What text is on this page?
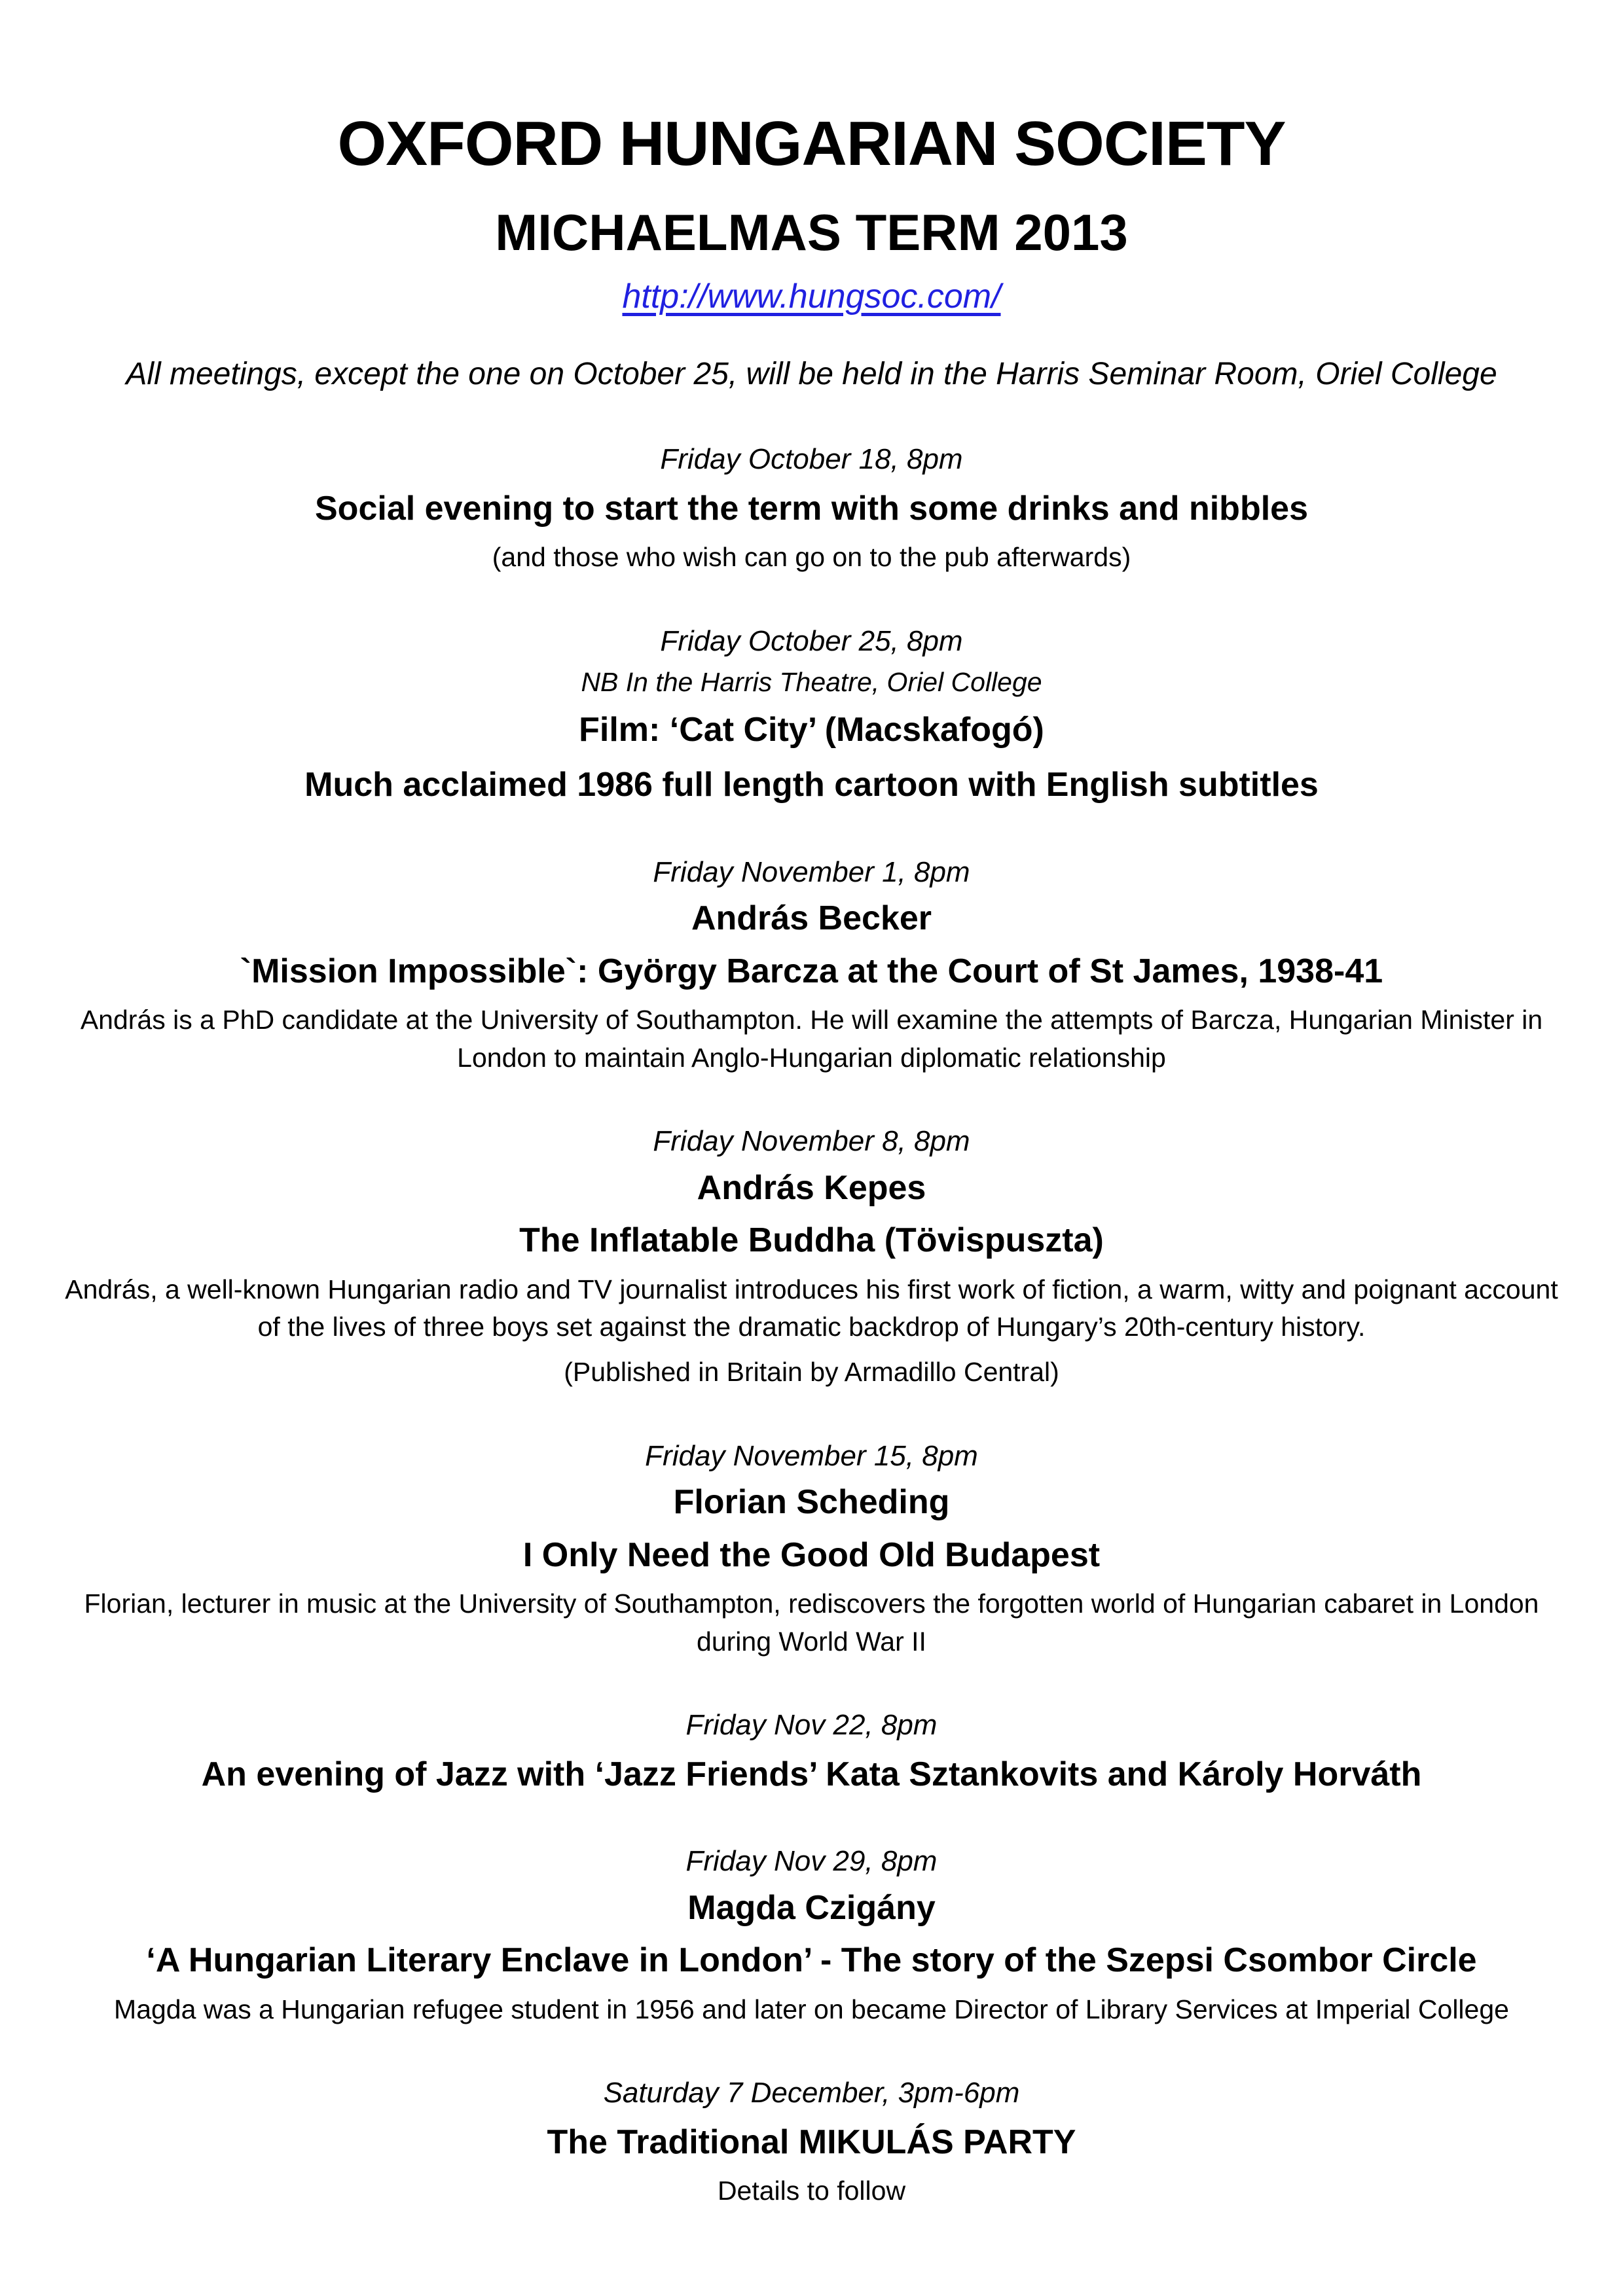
OXFORD HUNGARIAN SOCIETY
MICHAELMAS TERM 2013
http://www.hungsoc.com/

All meetings, except the one on October 25, will be held in the Harris Seminar Room, Oriel College

Friday October 18, 8pm

Social evening to start the term with some drinks and nibbles

(and those who wish can go on to the pub afterwards)

Friday October 25, 8pm

NB In the Harris Theatre, Oriel College

Film: ‘Cat City’ (Macskafogó)

Much acclaimed 1986 full length cartoon with English subtitles

Friday November 1, 8pm

András Becker

`Mission Impossible`: György Barcza at the Court of St James, 1938-41

András is a PhD candidate at the University of Southampton. He will examine the attempts of Barcza, Hungarian Minister in London to maintain Anglo-Hungarian diplomatic relationship

Friday November 8, 8pm

András Kepes

The Inflatable Buddha (Tövispuszta)

András, a well-known Hungarian radio and TV journalist introduces his first work of fiction, a warm, witty and poignant account of the lives of three boys set against the dramatic backdrop of Hungary’s 20th-century history.

(Published in Britain by Armadillo Central)

Friday November 15, 8pm

Florian Scheding

I Only Need the Good Old Budapest

Florian, lecturer in music at the University of Southampton, rediscovers the forgotten world of Hungarian cabaret in London during World War II

Friday Nov 22, 8pm

An evening of Jazz with ‘Jazz Friends’ Kata Sztankovits and Károly Horváth

Friday Nov 29, 8pm

Magda Czigány

‘A Hungarian Literary Enclave in London’ - The story of the Szepsi Csombor Circle

Magda was a Hungarian refugee student in 1956 and later on became Director of Library Services at Imperial College

Saturday 7 December, 3pm-6pm

The Traditional MIKULÁS PARTY

Details to follow
